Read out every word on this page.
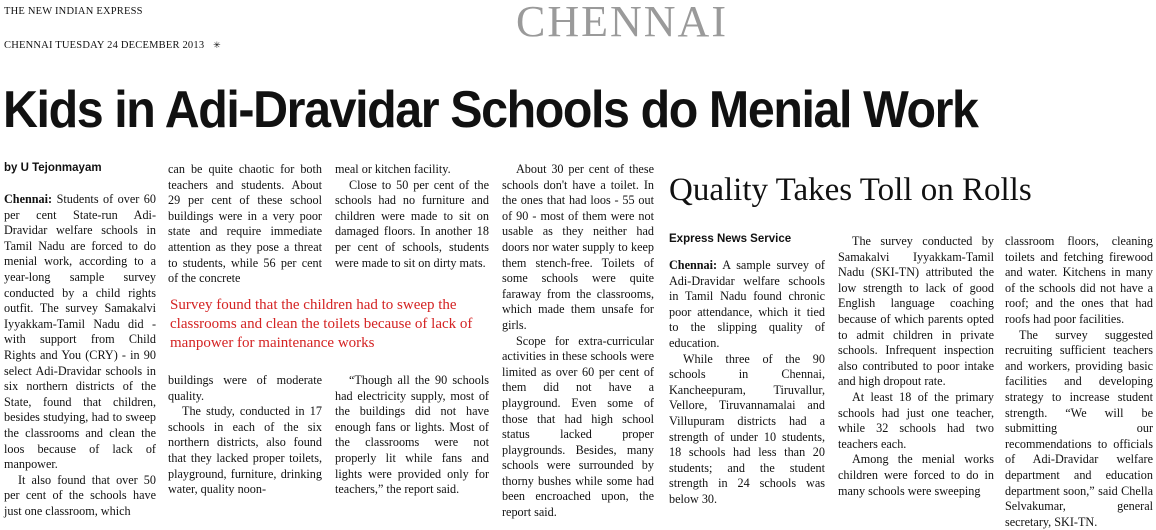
THE NEW INDIAN EXPRESS
CHENNAI TUESDAY 24 DECEMBER 2013 ✳	CHENNAI
Kids in Adi-Dravidar Schools do Menial Work
by U Tejonmayam

Chennai: Students of over 60 per cent State-run Adi-Dravidar welfare schools in Tamil Nadu are forced to do menial work, according to a year-long sample survey conducted by a child rights outfit. The survey Samakalvi Iyyakkam-Tamil Nadu did - with support from Child Rights and You (CRY) - in 90 select Adi-Dravidar schools in six northern districts of the State, found that children, besides studying, had to sweep the classrooms and clean the loos because of lack of manpower.

It also found that over 50 per cent of the schools have just one classroom, which

can be quite chaotic for both teachers and students. About 29 per cent of these school buildings were in a very poor state and require immediate attention as they pose a threat to students, while 56 per cent of the concrete

meal or kitchen facility.

Close to 50 per cent of the schools had no furniture and children were made to sit on damaged floors. In another 18 per cent of schools, students were made to sit on dirty mats.

Survey found that the children had to sweep the classrooms and clean the toilets because of lack of manpower for maintenance works

buildings were of moderate quality.

The study, conducted in 17 schools in each of the six northern districts, also found that they lacked proper toilets, playground, furniture, drinking water, quality noon-

“Though all the 90 schools had electricity supply, most of the buildings did not have enough fans or lights. Most of the classrooms were not properly lit while fans and lights were provided only for teachers,” the report said.

About 30 per cent of these schools don't have a toilet. In the ones that had loos - 55 out of 90 - most of them were not usable as they neither had doors nor water supply to keep them stench-free. Toilets of some schools were quite faraway from the classrooms, which made them unsafe for girls.

Scope for extra-curricular activities in these schools were limited as over 60 per cent of them did not have a playground. Even some of those that had high school status lacked proper playgrounds. Besides, many schools were surrounded by thorny bushes while some had been encroached upon, the report said.

Quality Takes Toll on Rolls
Express News Service

Chennai: A sample survey of Adi-Dravidar welfare schools in Tamil Nadu found chronic poor attendance, which it tied to the slipping quality of education.

While three of the 90 schools in Chennai, Kancheepuram, Tiruvallur, Vellore, Tiruvannamalai and Villupuram districts had a strength of under 10 students, 18 schools had less than 20 students; and the student strength in 24 schools was below 30.

The survey conducted by Samakalvi Iyyakkam-Tamil Nadu (SKI-TN) attributed the low strength to lack of good English language coaching because of which parents opted to admit children in private schools. Infrequent inspection also contributed to poor intake and high dropout rate.

At least 18 of the primary schools had just one teacher, while 32 schools had two teachers each.

Among the menial works children were forced to do in many schools were sweeping

classroom floors, cleaning toilets and fetching firewood and water. Kitchens in many of the schools did not have a roof; and the ones that had roofs had poor facilities.

The survey suggested recruiting sufficient teachers and workers, providing basic facilities and developing strategy to increase student strength. “We will be submitting our recommendations to officials of Adi-Dravidar welfare department and education department soon,” said Chella Selvakumar, general secretary, SKI-TN.
